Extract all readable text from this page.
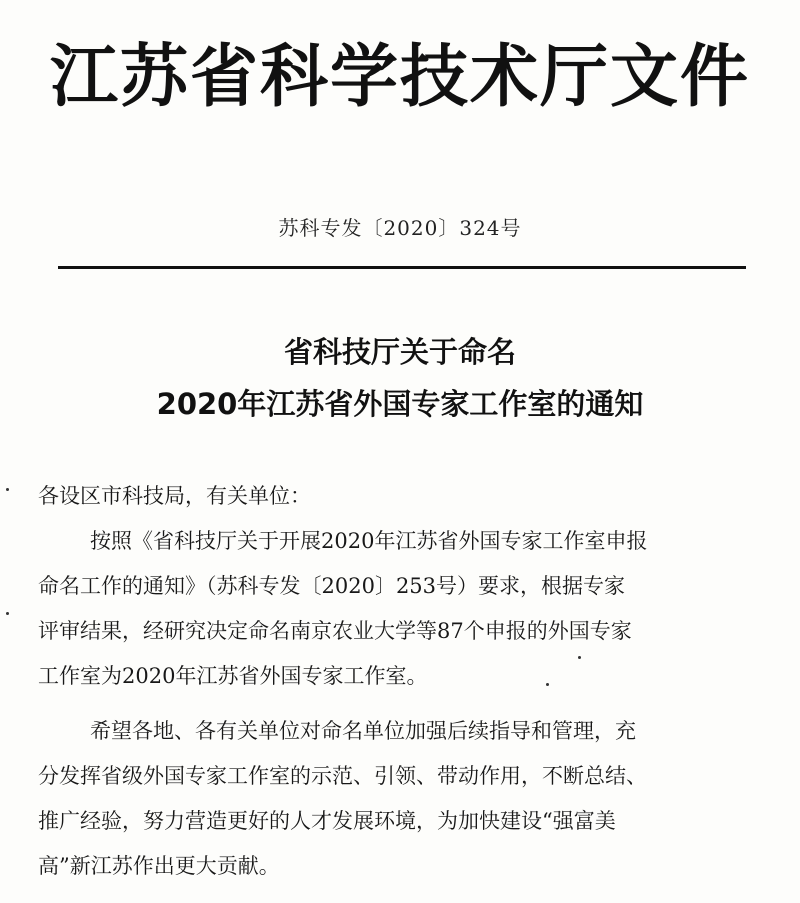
江苏省科学技术厅文件
苏科专发〔2020〕324号
省科技厅关于命名
2020年江苏省外国专家工作室的通知

各设区市科技局，有关单位：

按照《省科技厅关于开展2020年江苏省外国专家工作室申报

命名工作的通知》（苏科专发〔2020〕253号）要求，根据专家

评审结果，经研究决定命名南京农业大学等87个申报的外国专家

工作室为2020年江苏省外国专家工作室。

希望各地、各有关单位对命名单位加强后续指导和管理，充

分发挥省级外国专家工作室的示范、引领、带动作用，不断总结、

推广经验，努力营造更好的人才发展环境，为加快建设“强富美

高”新江苏作出更大贡献。
